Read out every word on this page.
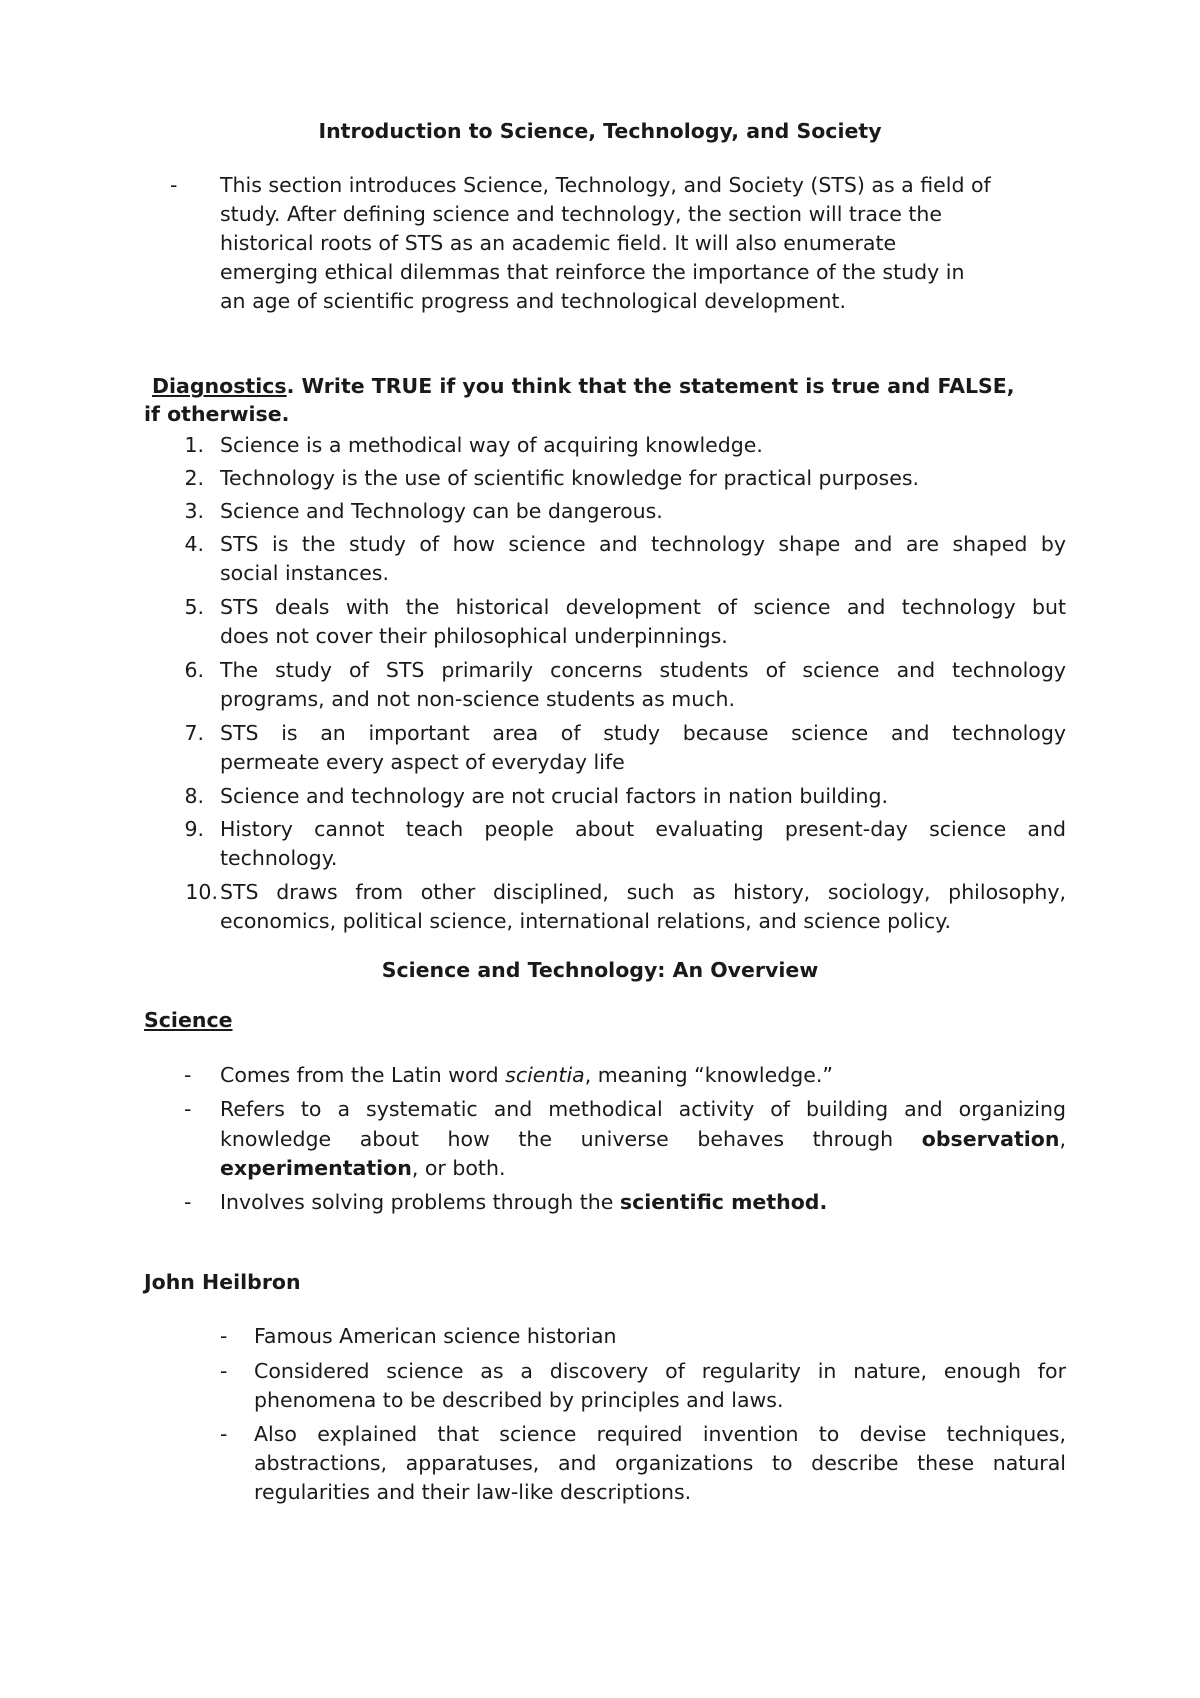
Introduction to Science, Technology, and Society
- This section introduces Science, Technology, and Society (STS) as a field of
study. After defining science and technology, the section will trace the
historical roots of STS as an academic field. It will also enumerate
emerging ethical dilemmas that reinforce the importance of the study in
an age of scientific progress and technological development.
Diagnostics. Write TRUE if you think that the statement is true and FALSE,
if otherwise.
1. Science is a methodical way of acquiring knowledge.
2. Technology is the use of scientific knowledge for practical purposes.
3. Science and Technology can be dangerous.
4. STS is the study of how science and technology shape and are shaped by
social instances.
5. STS deals with the historical development of science and technology but
does not cover their philosophical underpinnings.
6. The study of STS primarily concerns students of science and technology
programs, and not non-science students as much.
7. STS is an important area of study because science and technology
permeate every aspect of everyday life
8. Science and technology are not crucial factors in nation building.
9. History cannot teach people about evaluating present-day science and
technology.
10. STS draws from other disciplined, such as history, sociology, philosophy,
economics, political science, international relations, and science policy.
Science and Technology: An Overview
Science
- Comes from the Latin word scientia, meaning “knowledge.”
- Refers to a systematic and methodical activity of building and organizing
knowledge about how the universe behaves through observation,
experimentation, or both.
- Involves solving problems through the scientific method.
John Heilbron
- Famous American science historian
- Considered science as a discovery of regularity in nature, enough for
phenomena to be described by principles and laws.
- Also explained that science required invention to devise techniques,
abstractions, apparatuses, and organizations to describe these natural
regularities and their law-like descriptions.
